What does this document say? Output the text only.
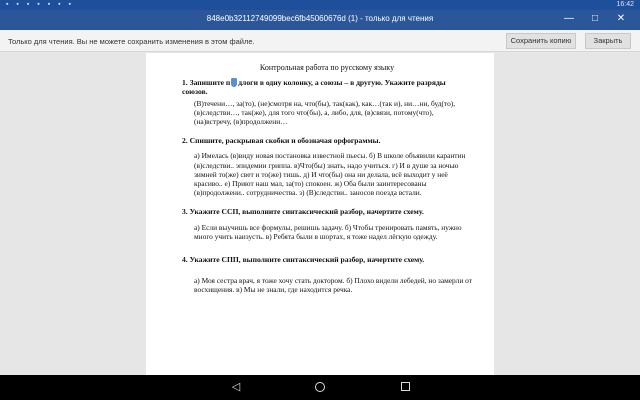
▪ ▪ ▪ ▪ ▪ ▪ ▪	16:42
848e0b32112749099bec6fb45060676d (1) - только для чтения	—	□	✕
Только для чтения. Вы не можете сохранить изменения в этом файле.	Сохранить копию	Закрыть
Контрольная работа по русскому языку
1. Запишите п длоги в одну колонку, а союзы – в другую. Укажите разряды союзов.
(В)течени…, за(то), (не)смотря на, что(бы), так(как), как…(так и), ни…ни, буд(то), (в)следстви…, так(же), для того что(бы), а, либо, для, (в)связи, потому(что), (на)встречу, (в)продолжени…
2. Спишите, раскрывая скобки и обозначая орфограммы.
а) Имелась (в)виду новая постановка известной пьесы. б) В школе объявили карантин (в)следстви.. эпидемии гриппа. в)Что(бы) знать, надо учиться. г) И в душе за ночью зимней то(же) свет и то(же) тишь. д) И что(бы) она ни делала, всё выходит у неё красиво.. е) Приют наш мал, за(то) спокоен. ж) Оба были заинтересованы (в)продолжени.. сотрудничества. з) (В)следстви.. заносов поезда встали.
3. Укажите ССП, выполните синтаксический разбор, начертите схему.
а) Если выучишь все формулы, решишь задачу. б) Чтобы тренировать память, нужно много учить наизусть. в) Ребята были в шортах, я тоже надел лёгкую одежду.
4. Укажите СПП, выполните синтаксический разбор, начертите схему.
а) Моя сестра врач, я тоже хочу стать доктором. б) Плохо видели лебедей, но замерли от восхищения. в) Мы не знали, где находится речка.
◁
